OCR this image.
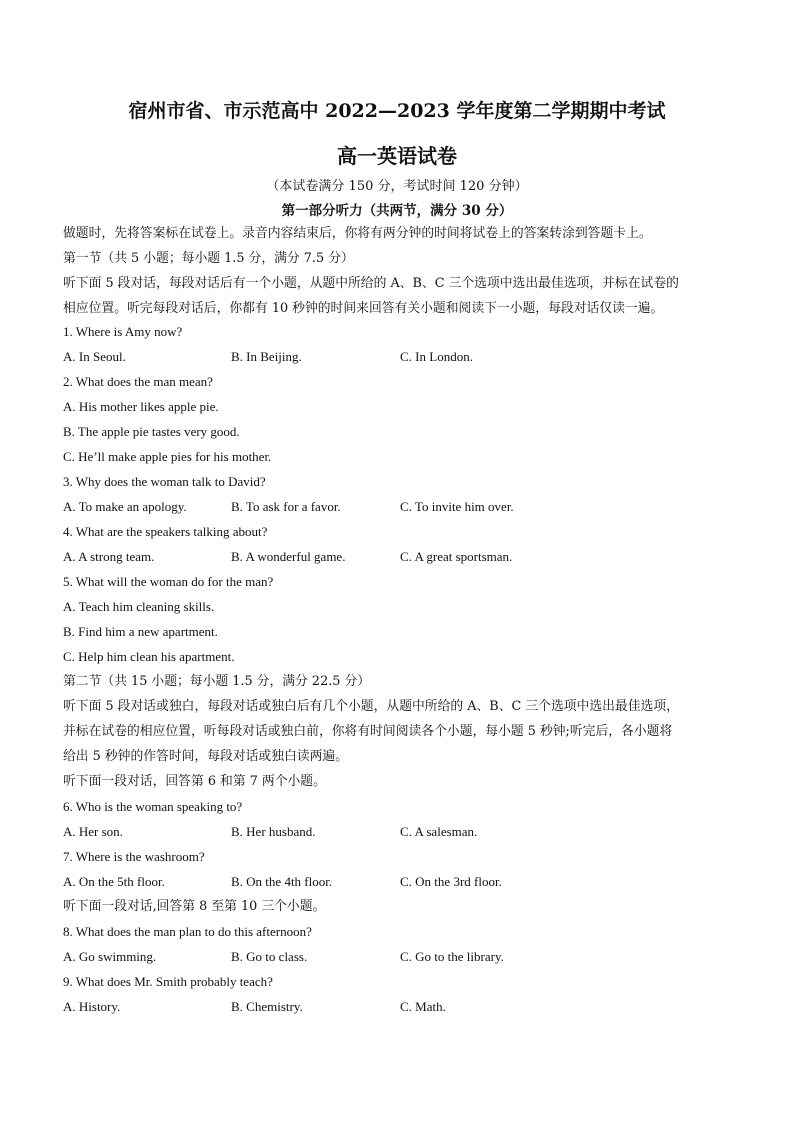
宿州市省、市示范高中 2022—2023 学年度第二学期期中考试
高一英语试卷
（本试卷满分 150 分，考试时间 120 分钟）
第一部分听力（共两节，满分 30 分）
做题时，先将答案标在试卷上。录音内容结束后，你将有两分钟的时间将试卷上的答案转涂到答题卡上。
第一节（共 5 小题；每小题 1.5 分，满分 7.5 分）
听下面 5 段对话，每段对话后有一个小题，从题中所给的 A、B、C 三个选项中选出最佳选项，并标在试卷的
相应位置。听完每段对话后，你都有 10 秒钟的时间来回答有关小题和阅读下一小题，每段对话仅读一遍。
1. Where is Amy now?
A. In Seoul.	B. In Beijing.	C. In London.
2. What does the man mean?
A. His mother likes apple pie.
B. The apple pie tastes very good.
C. He’ll make apple pies for his mother.
3. Why does the woman talk to David?
A. To make an apology.	B. To ask for a favor.	C. To invite him over.
4. What are the speakers talking about?
A. A strong team.	B. A wonderful game.	C. A great sportsman.
5. What will the woman do for the man?
A. Teach him cleaning skills.
B. Find him a new apartment.
C. Help him clean his apartment.
第二节（共 15 小题；每小题 1.5 分，满分 22.5 分）
听下面 5 段对话或独白，每段对话或独白后有几个小题，从题中所给的 A、B、C 三个选项中选出最佳选项，
并标在试卷的相应位置，听每段对话或独白前，你将有时间阅读各个小题，每小题 5 秒钟;听完后，各小题将
给出 5 秒钟的作答时间，每段对话或独白读两遍。
听下面一段对话，回答第 6 和第 7 两个小题。
6. Who is the woman speaking to?
A. Her son.	B. Her husband.	C. A salesman.
7. Where is the washroom?
A. On the 5th floor.	B. On the 4th floor.	C. On the 3rd floor.
听下面一段对话,回答第 8 至第 10 三个小题。
8. What does the man plan to do this afternoon?
A. Go swimming.	B. Go to class.	C. Go to the library.
9. What does Mr. Smith probably teach?
A. History.	B. Chemistry.	C. Math.
